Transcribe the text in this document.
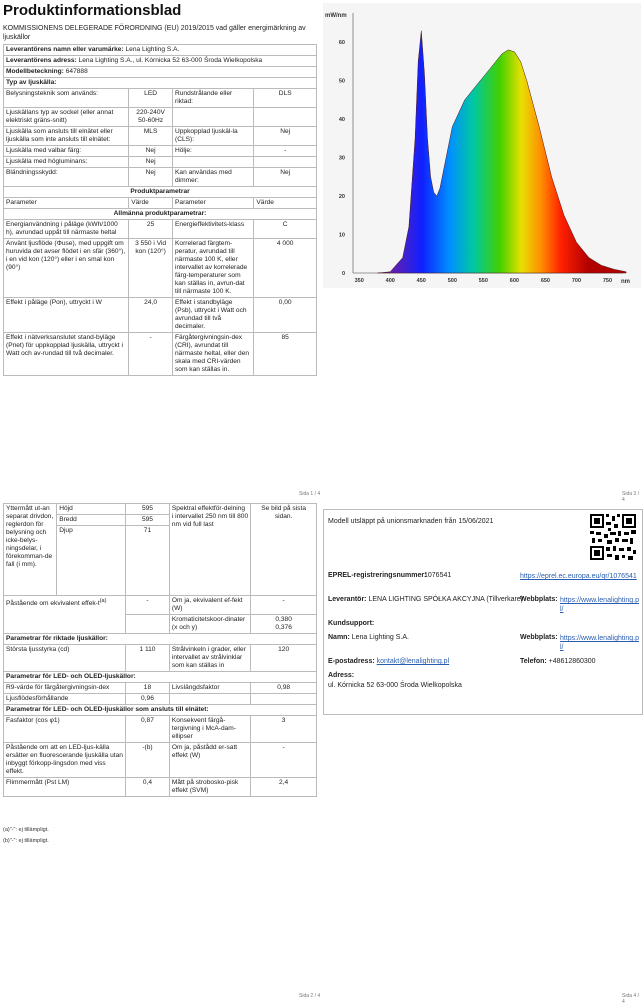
Produktinformationsblad
KOMMISSIONENS DELEGERADE FÖRORDNING (EU) 2019/2015 vad gäller energimärkning av ljuskällor
Leverantörens namn eller varumärke: Lena Lighting S.A.			
Leverantörens adress: Lena Lighting S.A., ul. Kórnicka 52 63-000 Środa Wielkopolska			
Modellbeteckning: 647888			
Typ av ljuskälla:			
Belysningsteknik som används:	LED	Rundstrålande eller riktad:	DLS
Ljuskällans typ av sockel (eller annat elektriskt gräns-snitt)	220-240V 50-60Hz		
Ljuskälla som ansluts till elnätet eller ljuskälla som inte ansluts till elnätet:	MLS	Uppkopplad ljuskäl-la (CLS):	Nej
Ljuskälla med valbar färg:	Nej	Hölje:	-
Ljuskälla med högluminans:	Nej		
Bländningsskydd:	Nej	Kan användas med dimmer:	Nej
Produktparametrar			
Parameter	Värde	Parameter	Värde
Allmänna produktparametrar:			
Energianvändning i påläge (kWh/1000 h), avrundad uppåt till närmaste heltal	25	Energieffektivitets-klass	C
Använt ljusflöde (Φuse), med uppgift om huruvida det avser flödet i en sfär (360°), i en vid kon (120°) eller i en smal kon (90°)	3 550 i Vid kon (120°)	Korrelerad färgtem-peratur, avrundad till närmaste 100 K, eller intervallet av korrelerade färg-temperaturer som kan ställas in, avrun-dat till närmaste 100 K.	4 000
Effekt i påläge (Pon), uttryckt i W	24,0	Effekt i standbyläge (Psb), uttryckt i Watt och avrundad till två decimaler.	0,00
Effekt i nätverksanslutet stand-byläge (Pnet) för uppkopplad ljuskälla, uttryckt i Watt och av-rundad till två decimaler.	-	Färgåtergivningsin-dex (CRI), avrundat till närmaste heltal, eller den skala med CRI-värden som kan ställas in.	85
Sida 1 / 4
0
10
20
30
40
50
60
350	400	450	500	550	600	650	700	750
mW/nm
nm
Sida 3 / 4
Yttermått ut-an separat drivdon, reglerdon för belysning och icke-belys-ningsdelar, i förekomman-de fall (i mm).	Höjd	595	Spektral effektför-delning i intervallet 250 nm till 800 nm vid full last	Se bild på sista sidan.
	Bredd	595		
	Djup	71		
Påstående om ekvivalent effek-$t^{(a)}$		-	Om ja, ekvivalent ef-fekt (W)	-
			Kromaticitetskoor-dinater (x och y)	0,380
0,376

Parametrar för riktade ljuskällor:				
Största ljusstyrka (cd)		1 110	Strålvinkeln i grader, eller intervallet av strålvinklar som kan ställas in	120
Parametrar för LED- och OLED-ljuskällor:				
R9-värde för färgåtergivningsin-dex		18	Livslängdsfaktor	0,98
Ljusflödesförhållande		0,96		
Parametrar för LED- och OLED-ljuskällor som ansluts till elnätet:				
Fasfaktor (cos φ1)		0,87	Konsekvent färgå-tergivning i McA-dam-ellipser	3
Påstående om att en LED-ljus-källa ersätter en fluorescerande ljuskälla utan inbyggt förkopp-lingsdon med viss effekt.		-(b)	Om ja, påstådd er-satt effekt (W)	-
Flimmermått (Pst LM)		0,4	Mått på strobosko-pisk effekt (SVM)	2,4
(a)"-": ej tillämpligt.
(b)"-": ej tillämpligt.
Sida 2 / 4
Modell utsläppt på unionsmarknaden från 15/06/2021
EPREL-registreringsnummer:
1076541	https://eprel.ec.europa.eu/qr/1076541
Leverantör: LENA LIGHTING SPÓŁKA AKCYJNA (Tillverkare)
Webbplats: https://www.lenalighting.pl/
Kundsupport:
Namn: Lena Lighting S.A.	Webbplats: https://www.lenalighting.pl/
E-postadress: kontakt@lenalighting.pl	Telefon: +48612860300
Adress:
ul. Kórnicka 52 63-000 Środa Wielkopolska
Sida 4 / 4
